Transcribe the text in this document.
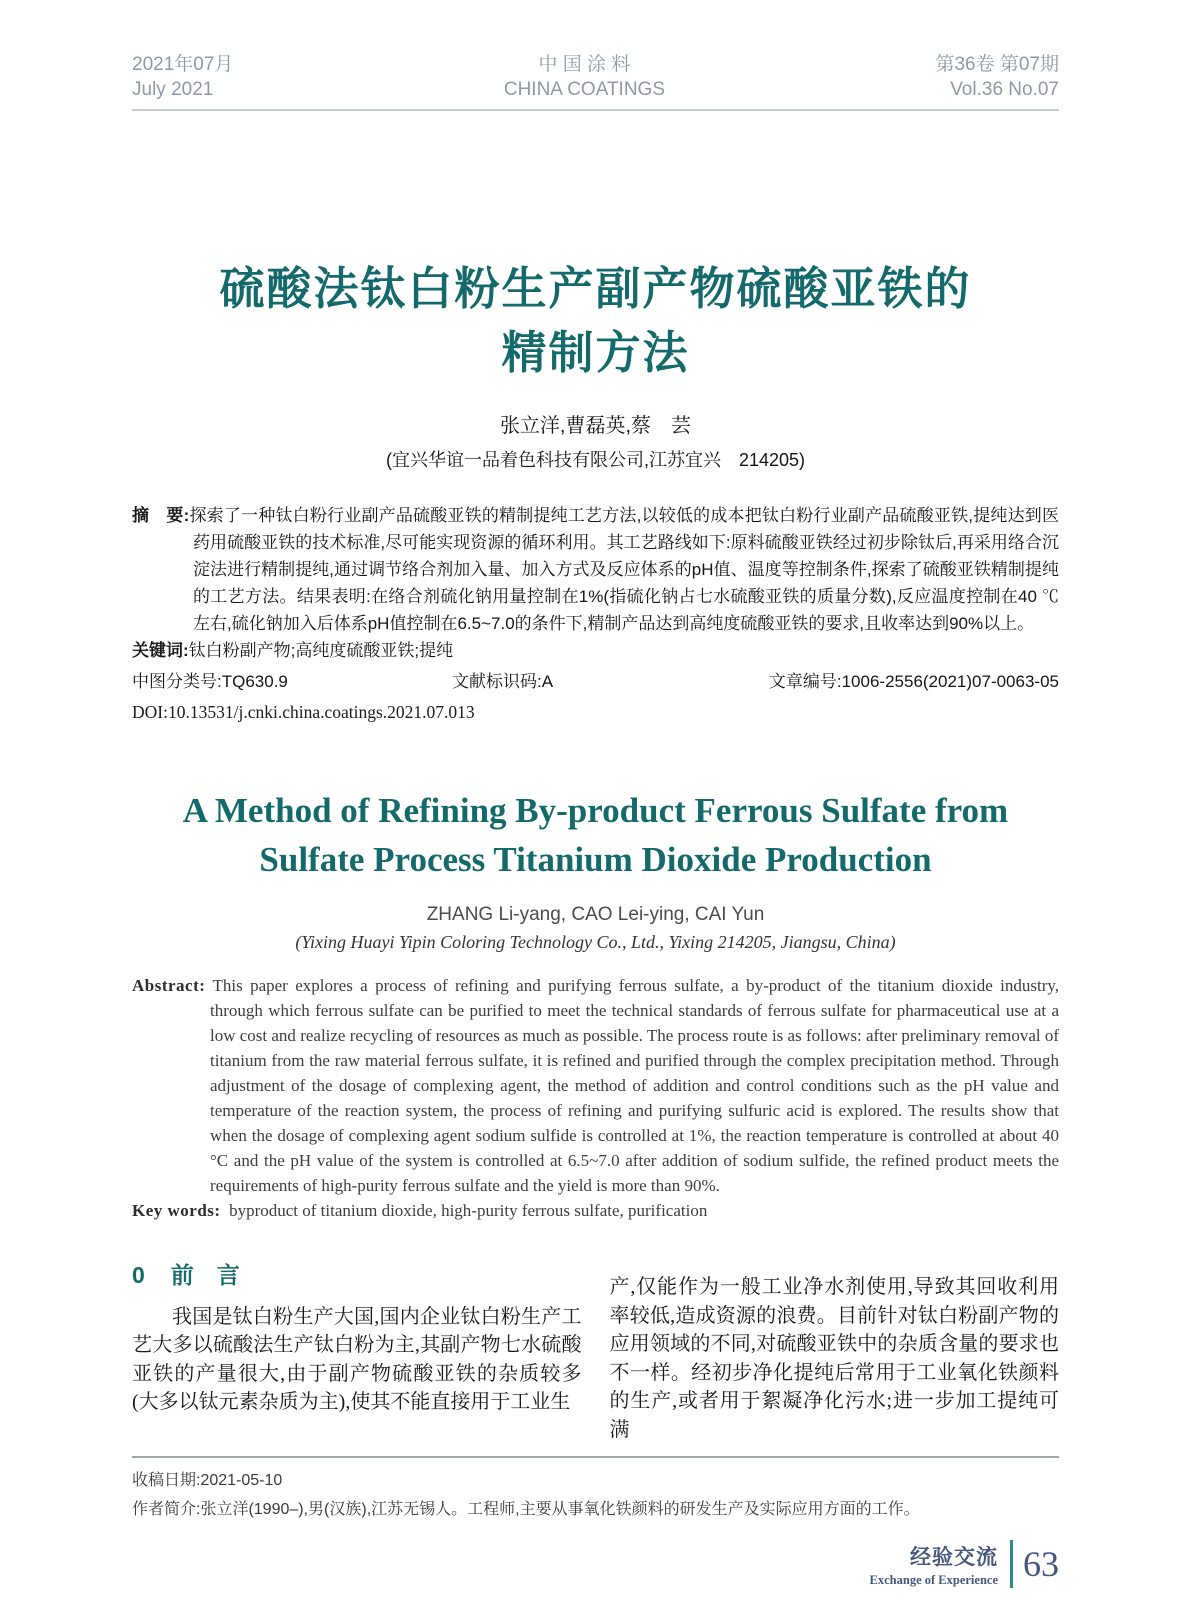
2021年07月
July 2021
中 国 涂 料
CHINA COATINGS
第36卷 第07期
Vol.36 No.07
硫酸法钛白粉生产副产物硫酸亚铁的
精制方法
张立洋,曹磊英,蔡　芸
(宜兴华谊一品着色科技有限公司,江苏宜兴　214205)

摘　要:探索了一种钛白粉行业副产品硫酸亚铁的精制提纯工艺方法,以较低的成本把钛白粉行业副产品硫酸亚铁,提纯达到医药用硫酸亚铁的技术标准,尽可能实现资源的循环利用。其工艺路线如下:原料硫酸亚铁经过初步除钛后,再采用络合沉淀法进行精制提纯,通过调节络合剂加入量、加入方式及反应体系的pH值、温度等控制条件,探索了硫酸亚铁精制提纯的工艺方法。结果表明:在络合剂硫化钠用量控制在1%(指硫化钠占七水硫酸亚铁的质量分数),反应温度控制在40 ℃左右,硫化钠加入后体系pH值控制在6.5~7.0的条件下,精制产品达到高纯度硫酸亚铁的要求,且收率达到90%以上。

关键词:钛白粉副产物;高纯度硫酸亚铁;提纯

中图分类号:TQ630.9	文献标识码:A	文章编号:1006-2556(2021)07-0063-05
DOI:10.13531/j.cnki.china.coatings.2021.07.013
A Method of Refining By-product Ferrous Sulfate from
Sulfate Process Titanium Dioxide Production
ZHANG Li-yang, CAO Lei-ying, CAI Yun
(Yixing Huayi Yipin Coloring Technology Co., Ltd., Yixing 214205, Jiangsu, China)

Abstract: This paper explores a process of refining and purifying ferrous sulfate, a by-product of the titanium dioxide industry, through which ferrous sulfate can be purified to meet the technical standards of ferrous sulfate for pharmaceutical use at a low cost and realize recycling of resources as much as possible. The process route is as follows: after preliminary removal of titanium from the raw material ferrous sulfate, it is refined and purified through the complex precipitation method. Through adjustment of the dosage of complexing agent, the method of addition and control conditions such as the pH value and temperature of the reaction system, the process of refining and purifying sulfuric acid is explored. The results show that when the dosage of complexing agent sodium sulfide is controlled at 1%, the reaction temperature is controlled at about 40 °C and the pH value of the system is controlled at 6.5~7.0 after addition of sodium sulfide, the refined product meets the requirements of high-purity ferrous sulfate and the yield is more than 90%.

Key words: byproduct of titanium dioxide, high-purity ferrous sulfate, purification

0 前　言

我国是钛白粉生产大国,国内企业钛白粉生产工艺大多以硫酸法生产钛白粉为主,其副产物七水硫酸亚铁的产量很大,由于副产物硫酸亚铁的杂质较多(大多以钛元素杂质为主),使其不能直接用于工业生

产,仅能作为一般工业净水剂使用,导致其回收利用率较低,造成资源的浪费。目前针对钛白粉副产物的应用领域的不同,对硫酸亚铁中的杂质含量的要求也不一样。经初步净化提纯后常用于工业氧化铁颜料的生产,或者用于絮凝净化污水;进一步加工提纯可满

收稿日期:2021-05-10

作者简介:张立洋(1990–),男(汉族),江苏无锡人。工程师,主要从事氧化铁颜料的研发生产及实际应用方面的工作。

经验交流
Exchange of Experience 63
